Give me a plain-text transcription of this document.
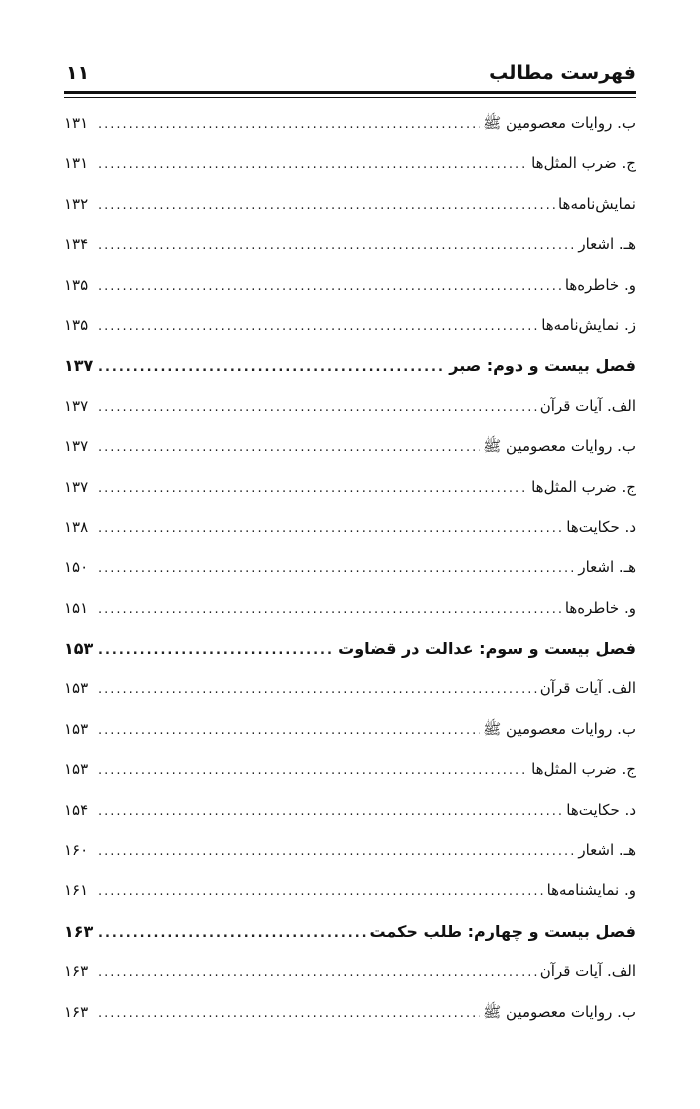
فهرست مطالب
۱۱
ب. روایات معصومین ﷺ
.....
۱۳۱
ج. ضرب المثل‌ها
.....
۱۳۱
نمایش‌نامه‌ها
.....
۱۳۲
هـ. اشعار
.....
۱۳۴
و. خاطره‌ها
.....
۱۳۵
ز. نمایش‌نامه‌ها
.....
۱۳۵
فصل بیست و دوم: صبر
.....
۱۳۷
الف. آیات قرآن
.....
۱۳۷
ب. روایات معصومین ﷺ
.....
۱۳۷
ج. ضرب المثل‌ها
.....
۱۳۷
د. حکایت‌ها
.....
۱۳۸
هـ. اشعار
.....
۱۵۰
و. خاطره‌ها
.....
۱۵۱
فصل بیست و سوم: عدالت در قضاوت
.....
۱۵۳
الف. آیات قرآن
.....
۱۵۳
ب. روایات معصومین ﷺ
.....
۱۵۳
ج. ضرب المثل‌ها
.....
۱۵۳
د. حکایت‌ها
.....
۱۵۴
هـ. اشعار
.....
۱۶۰
و. نمایشنامه‌ها
.....
۱۶۱
فصل بیست و چهارم: طلب حکمت
.....
۱۶۳
الف. آیات قرآن
.....
۱۶۳
ب. روایات معصومین ﷺ
.....
۱۶۳
